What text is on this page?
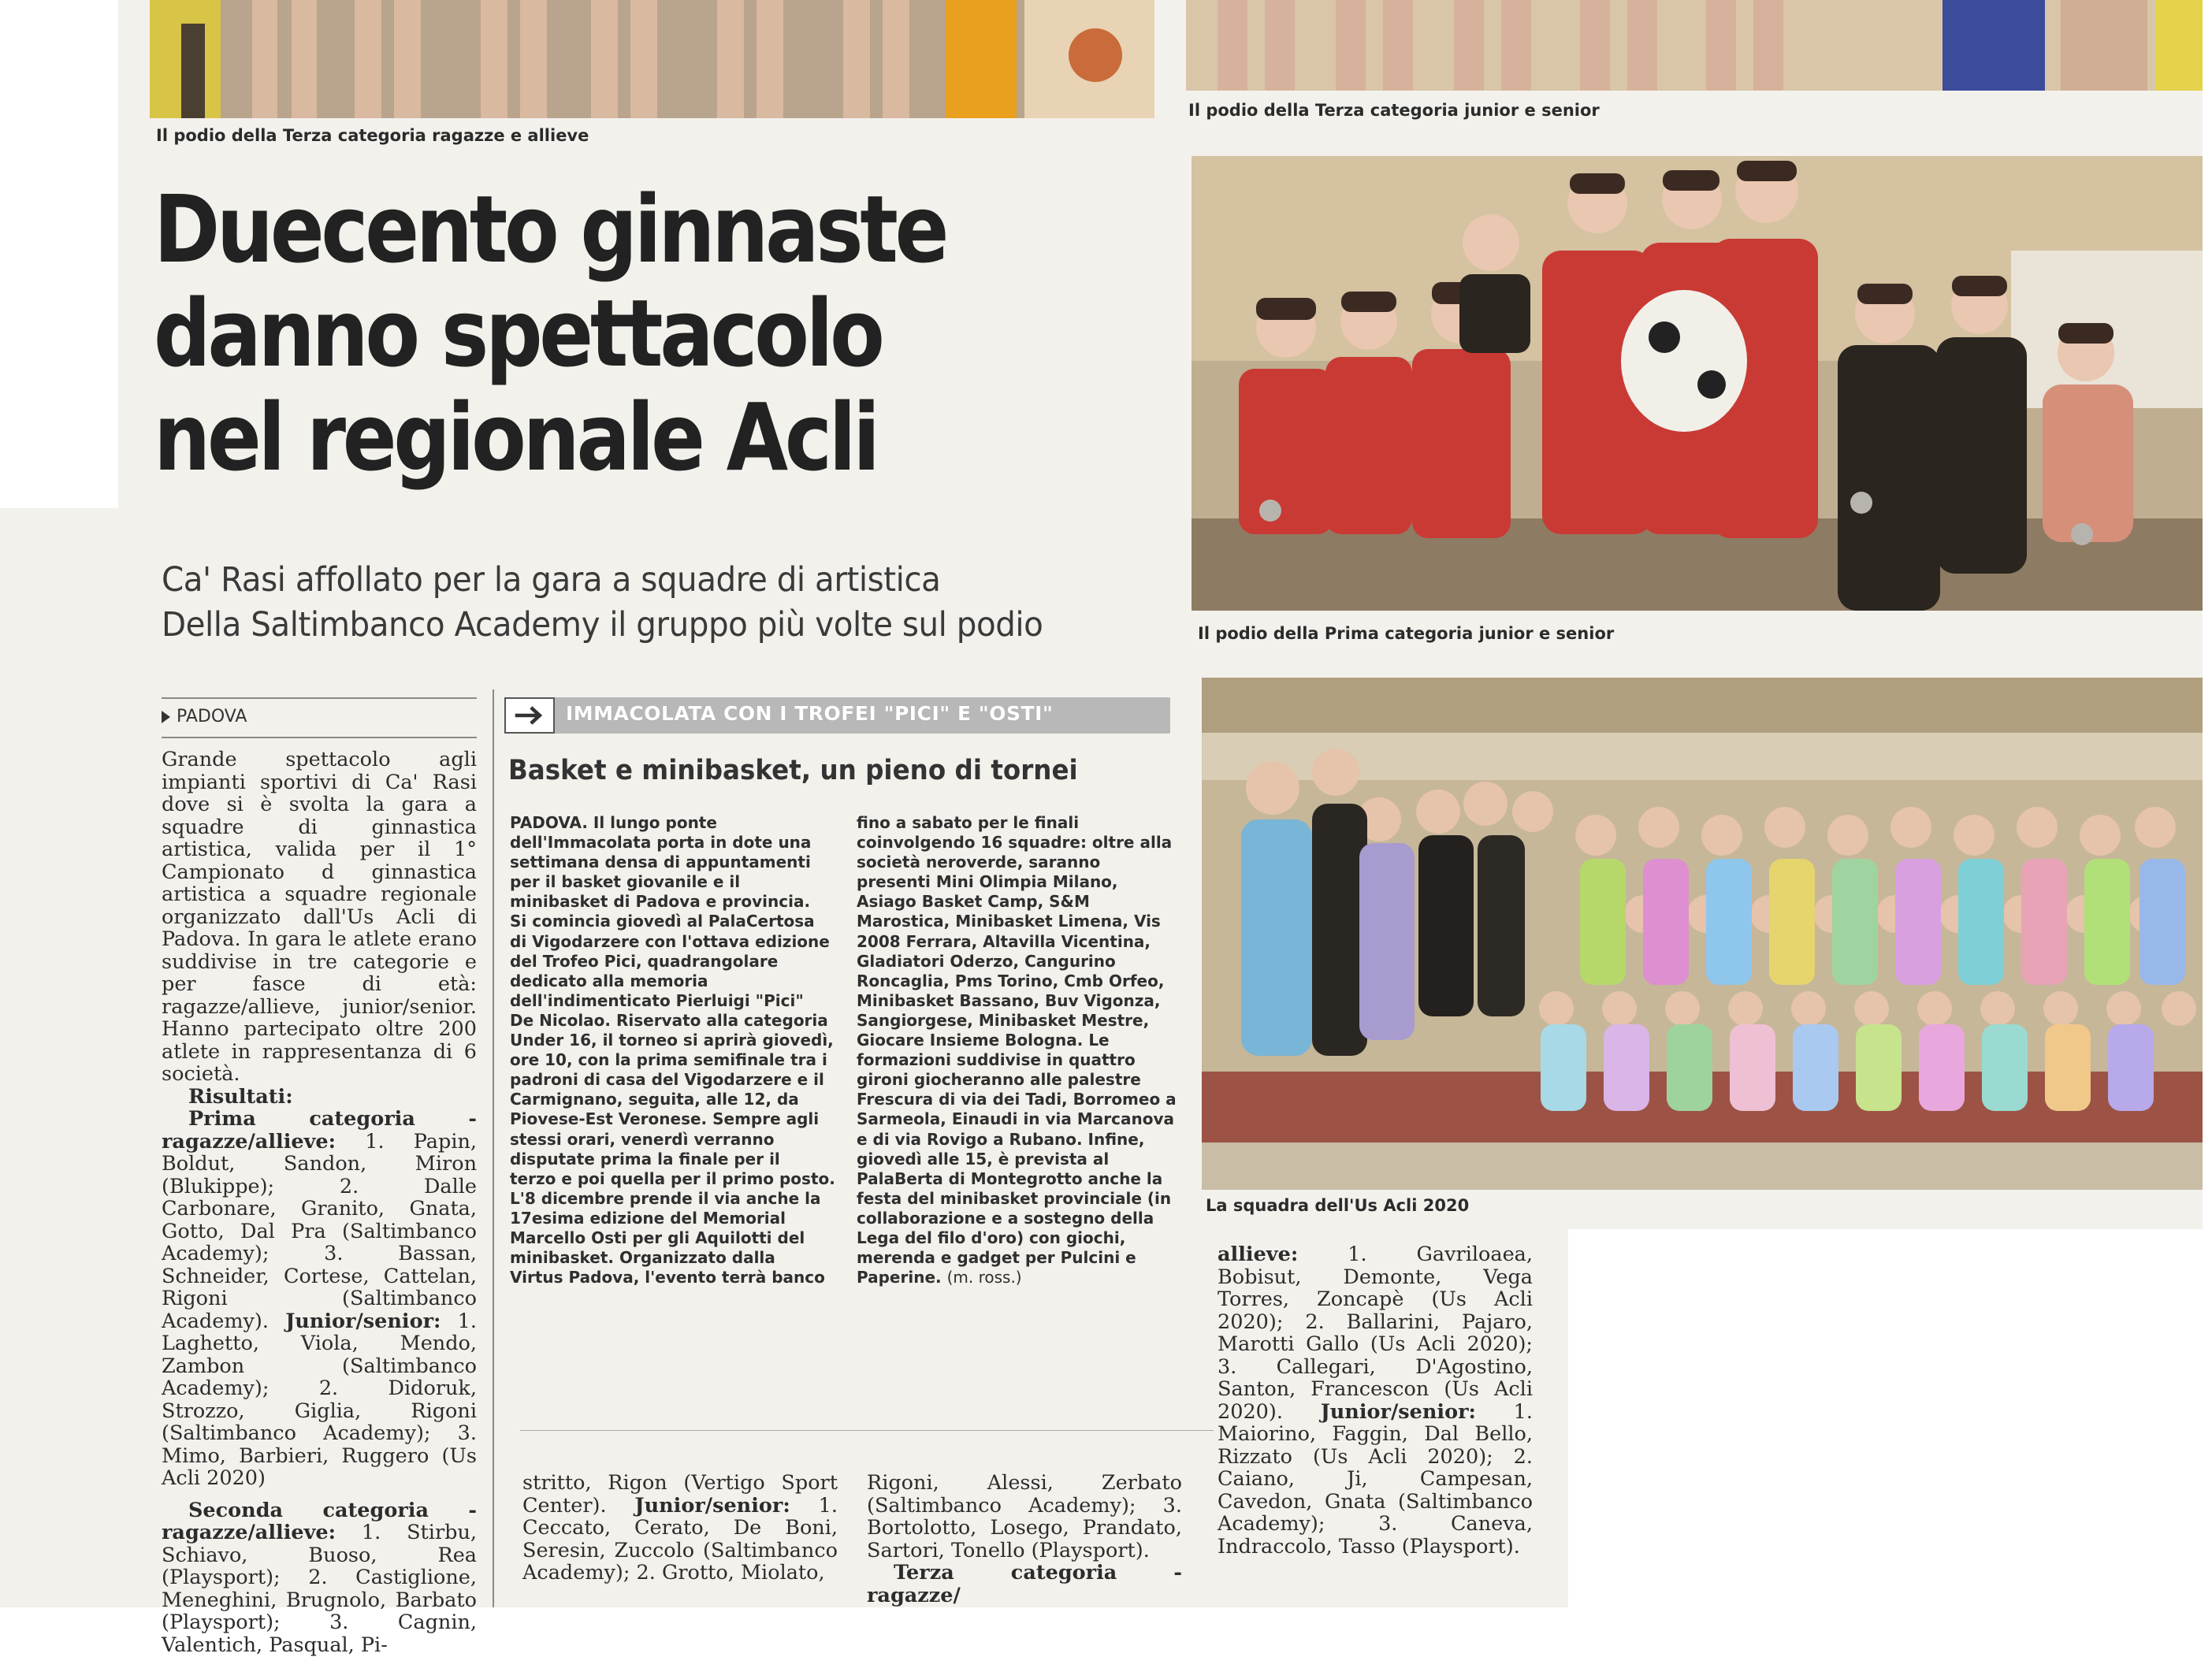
Il podio della Terza categoria ragazze e allieve
Il podio della Terza categoria junior e senior
Il podio della Prima categoria junior e senior
La squadra dell'Us Acli 2020
Duecento ginnaste
danno spettacolo
nel regionale Acli
Ca' Rasi affollato per la gara a squadre di artistica
Della Saltimbanco Academy il gruppo più volte sul podio
PADOVA

Grande spettacolo agli impianti sportivi di Ca' Rasi dove si è svolta la gara a squadre di ginnastica artistica, valida per il 1° Campionato d ginnastica artistica a squadre regionale organizzato dall'Us Acli di Padova. In gara le atlete erano suddivise in tre categorie e per fasce di età: ragazze/allieve, junior/senior. Hanno partecipato oltre 200 atlete in rappresentanza di 6 società.

Risultati:

Prima categoria - ragazze/allieve: 1. Papin, Boldut, Sandon, Miron (Blukippe); 2. Dalle Carbonare, Granito, Gnata, Gotto, Dal Pra (Saltimbanco Academy); 3. Bassan, Schneider, Cortese, Cattelan, Rigoni (Saltimbanco Academy). Junior/senior: 1. Laghetto, Viola, Mendo, Zambon (Saltimbanco Academy); 2. Didoruk, Strozzo, Giglia, Rigoni (Saltimbanco Academy); 3. Mimo, Barbieri, Ruggero (Us Acli 2020)

Seconda categoria - ragazze/allieve: 1. Stirbu, Schiavo, Buoso, Rea (Playsport); 2. Castiglione, Meneghini, Brugnolo, Barbato (Playsport); 3. Cagnin, Valentich, Pasqual, Pi-

IMMACOLATA CON I TROFEI "PICI" E "OSTI"
Basket e minibasket, un pieno di tornei
PADOVA. Il lungo ponte
dell'Immacolata porta in dote una
settimana densa di appuntamenti
per il basket giovanile e il
minibasket di Padova e provincia.
Si comincia giovedì al PalaCertosa
di Vigodarzere con l'ottava edizione
del Trofeo Pici, quadrangolare
dedicato alla memoria
dell'indimenticato Pierluigi "Pici"
De Nicolao. Riservato alla categoria
Under 16, il torneo si aprirà giovedì,
ore 10, con la prima semifinale tra i
padroni di casa del Vigodarzere e il
Carmignano, seguita, alle 12, da
Piovese-Est Veronese. Sempre agli
stessi orari, venerdì verranno
disputate prima la finale per il
terzo e poi quella per il primo posto.
L'8 dicembre prende il via anche la
17esima edizione del Memorial
Marcello Osti per gli Aquilotti del
minibasket. Organizzato dalla
Virtus Padova, l'evento terrà banco
fino a sabato per le finali
coinvolgendo 16 squadre: oltre alla
società neroverde, saranno
presenti Mini Olimpia Milano,
Asiago Basket Camp, S&M
Marostica, Minibasket Limena, Vis
2008 Ferrara, Altavilla Vicentina,
Gladiatori Oderzo, Cangurino
Roncaglia, Pms Torino, Cmb Orfeo,
Minibasket Bassano, Buv Vigonza,
Sangiorgese, Minibasket Mestre,
Giocare Insieme Bologna. Le
formazioni suddivise in quattro
gironi giocheranno alle palestre
Frescura di via dei Tadi, Borromeo a
Sarmeola, Einaudi in via Marcanova
e di via Rovigo a Rubano. Infine,
giovedì alle 15, è prevista al
PalaBerta di Montegrotto anche la
festa del minibasket provinciale (in
collaborazione e a sostegno della
Lega del filo d'oro) con giochi,
merenda e gadget per Pulcini e
Paperine. (m. ross.)

stritto, Rigon (Vertigo Sport Center). Junior/senior: 1. Ceccato, Cerato, De Boni, Seresin, Zuccolo (Saltimbanco Academy); 2. Grotto, Miolato,

Rigoni, Alessi, Zerbato (Saltimbanco Academy); 3. Bortolotto, Losego, Prandato, Sartori, Tonello (Playsport).

Terza categoria - ragazze/

allieve: 1. Gavriloaea, Bobisut, Demonte, Vega Torres, Zoncapè (Us Acli 2020); 2. Ballarini, Pajaro, Marotti Gallo (Us Acli 2020); 3. Callegari, D'Agostino, Santon, Francescon (Us Acli 2020). Junior/senior: 1. Maiorino, Faggin, Dal Bello, Rizzato (Us Acli 2020); 2. Caiano, Ji, Campesan, Cavedon, Gnata (Saltimbanco Academy); 3. Caneva, Indraccolo, Tasso (Playsport).
